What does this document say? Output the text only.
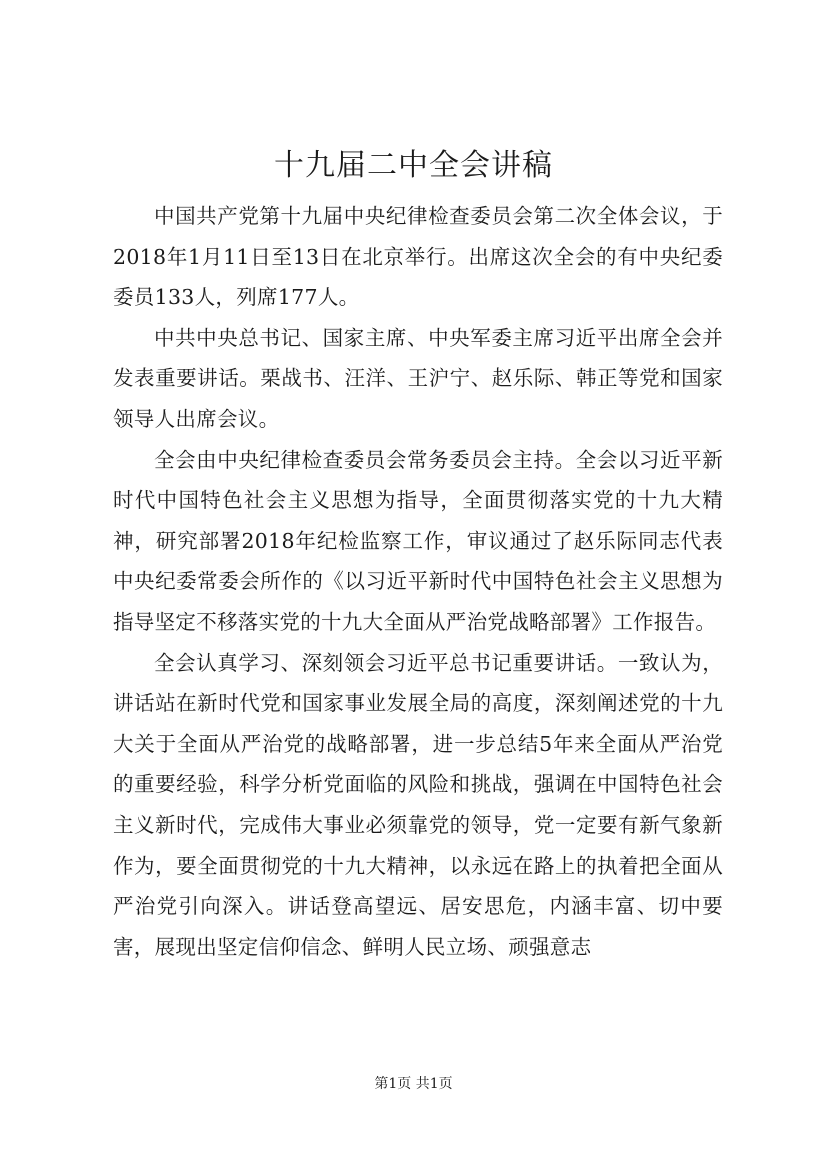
十九届二中全会讲稿

中国共产党第十九届中央纪律检查委员会第二次全体会议，于2018年1月11日至13日在北京举行。出席这次全会的有中央纪委委员133人，列席177人。

中共中央总书记、国家主席、中央军委主席习近平出席全会并发表重要讲话。栗战书、汪洋、王沪宁、赵乐际、韩正等党和国家领导人出席会议。

全会由中央纪律检查委员会常务委员会主持。全会以习近平新时代中国特色社会主义思想为指导，全面贯彻落实党的十九大精神，研究部署2018年纪检监察工作，审议通过了赵乐际同志代表中央纪委常委会所作的《以习近平新时代中国特色社会主义思想为指导坚定不移落实党的十九大全面从严治党战略部署》工作报告。

全会认真学习、深刻领会习近平总书记重要讲话。一致认为，讲话站在新时代党和国家事业发展全局的高度，深刻阐述党的十九大关于全面从严治党的战略部署，进一步总结5年来全面从严治党的重要经验，科学分析党面临的风险和挑战，强调在中国特色社会主义新时代，完成伟大事业必须靠党的领导，党一定要有新气象新作为，要全面贯彻党的十九大精神，以永远在路上的执着把全面从严治党引向深入。讲话登高望远、居安思危，内涵丰富、切中要害，展现出坚定信仰信念、鲜明人民立场、顽强意志

第1页 共1页
